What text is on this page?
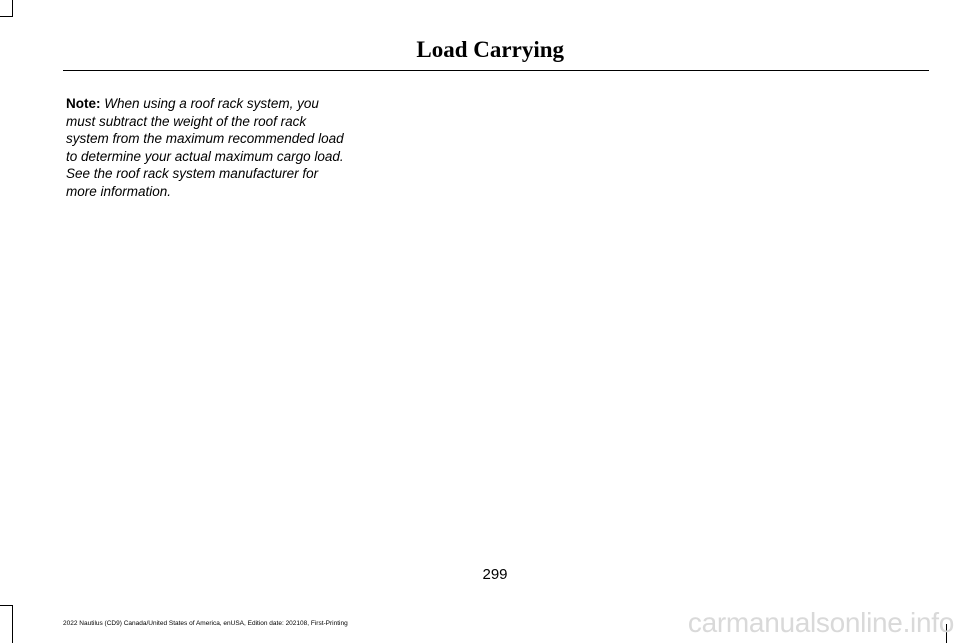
Load Carrying
Note: When using a roof rack system, you must subtract the weight of the roof rack system from the maximum recommended load to determine your actual maximum cargo load. See the roof rack system manufacturer for more information.
299
2022 Nautilus (CD9) Canada/United States of America, enUSA, Edition date: 202108, First-Printing	carmanualsonline.info
